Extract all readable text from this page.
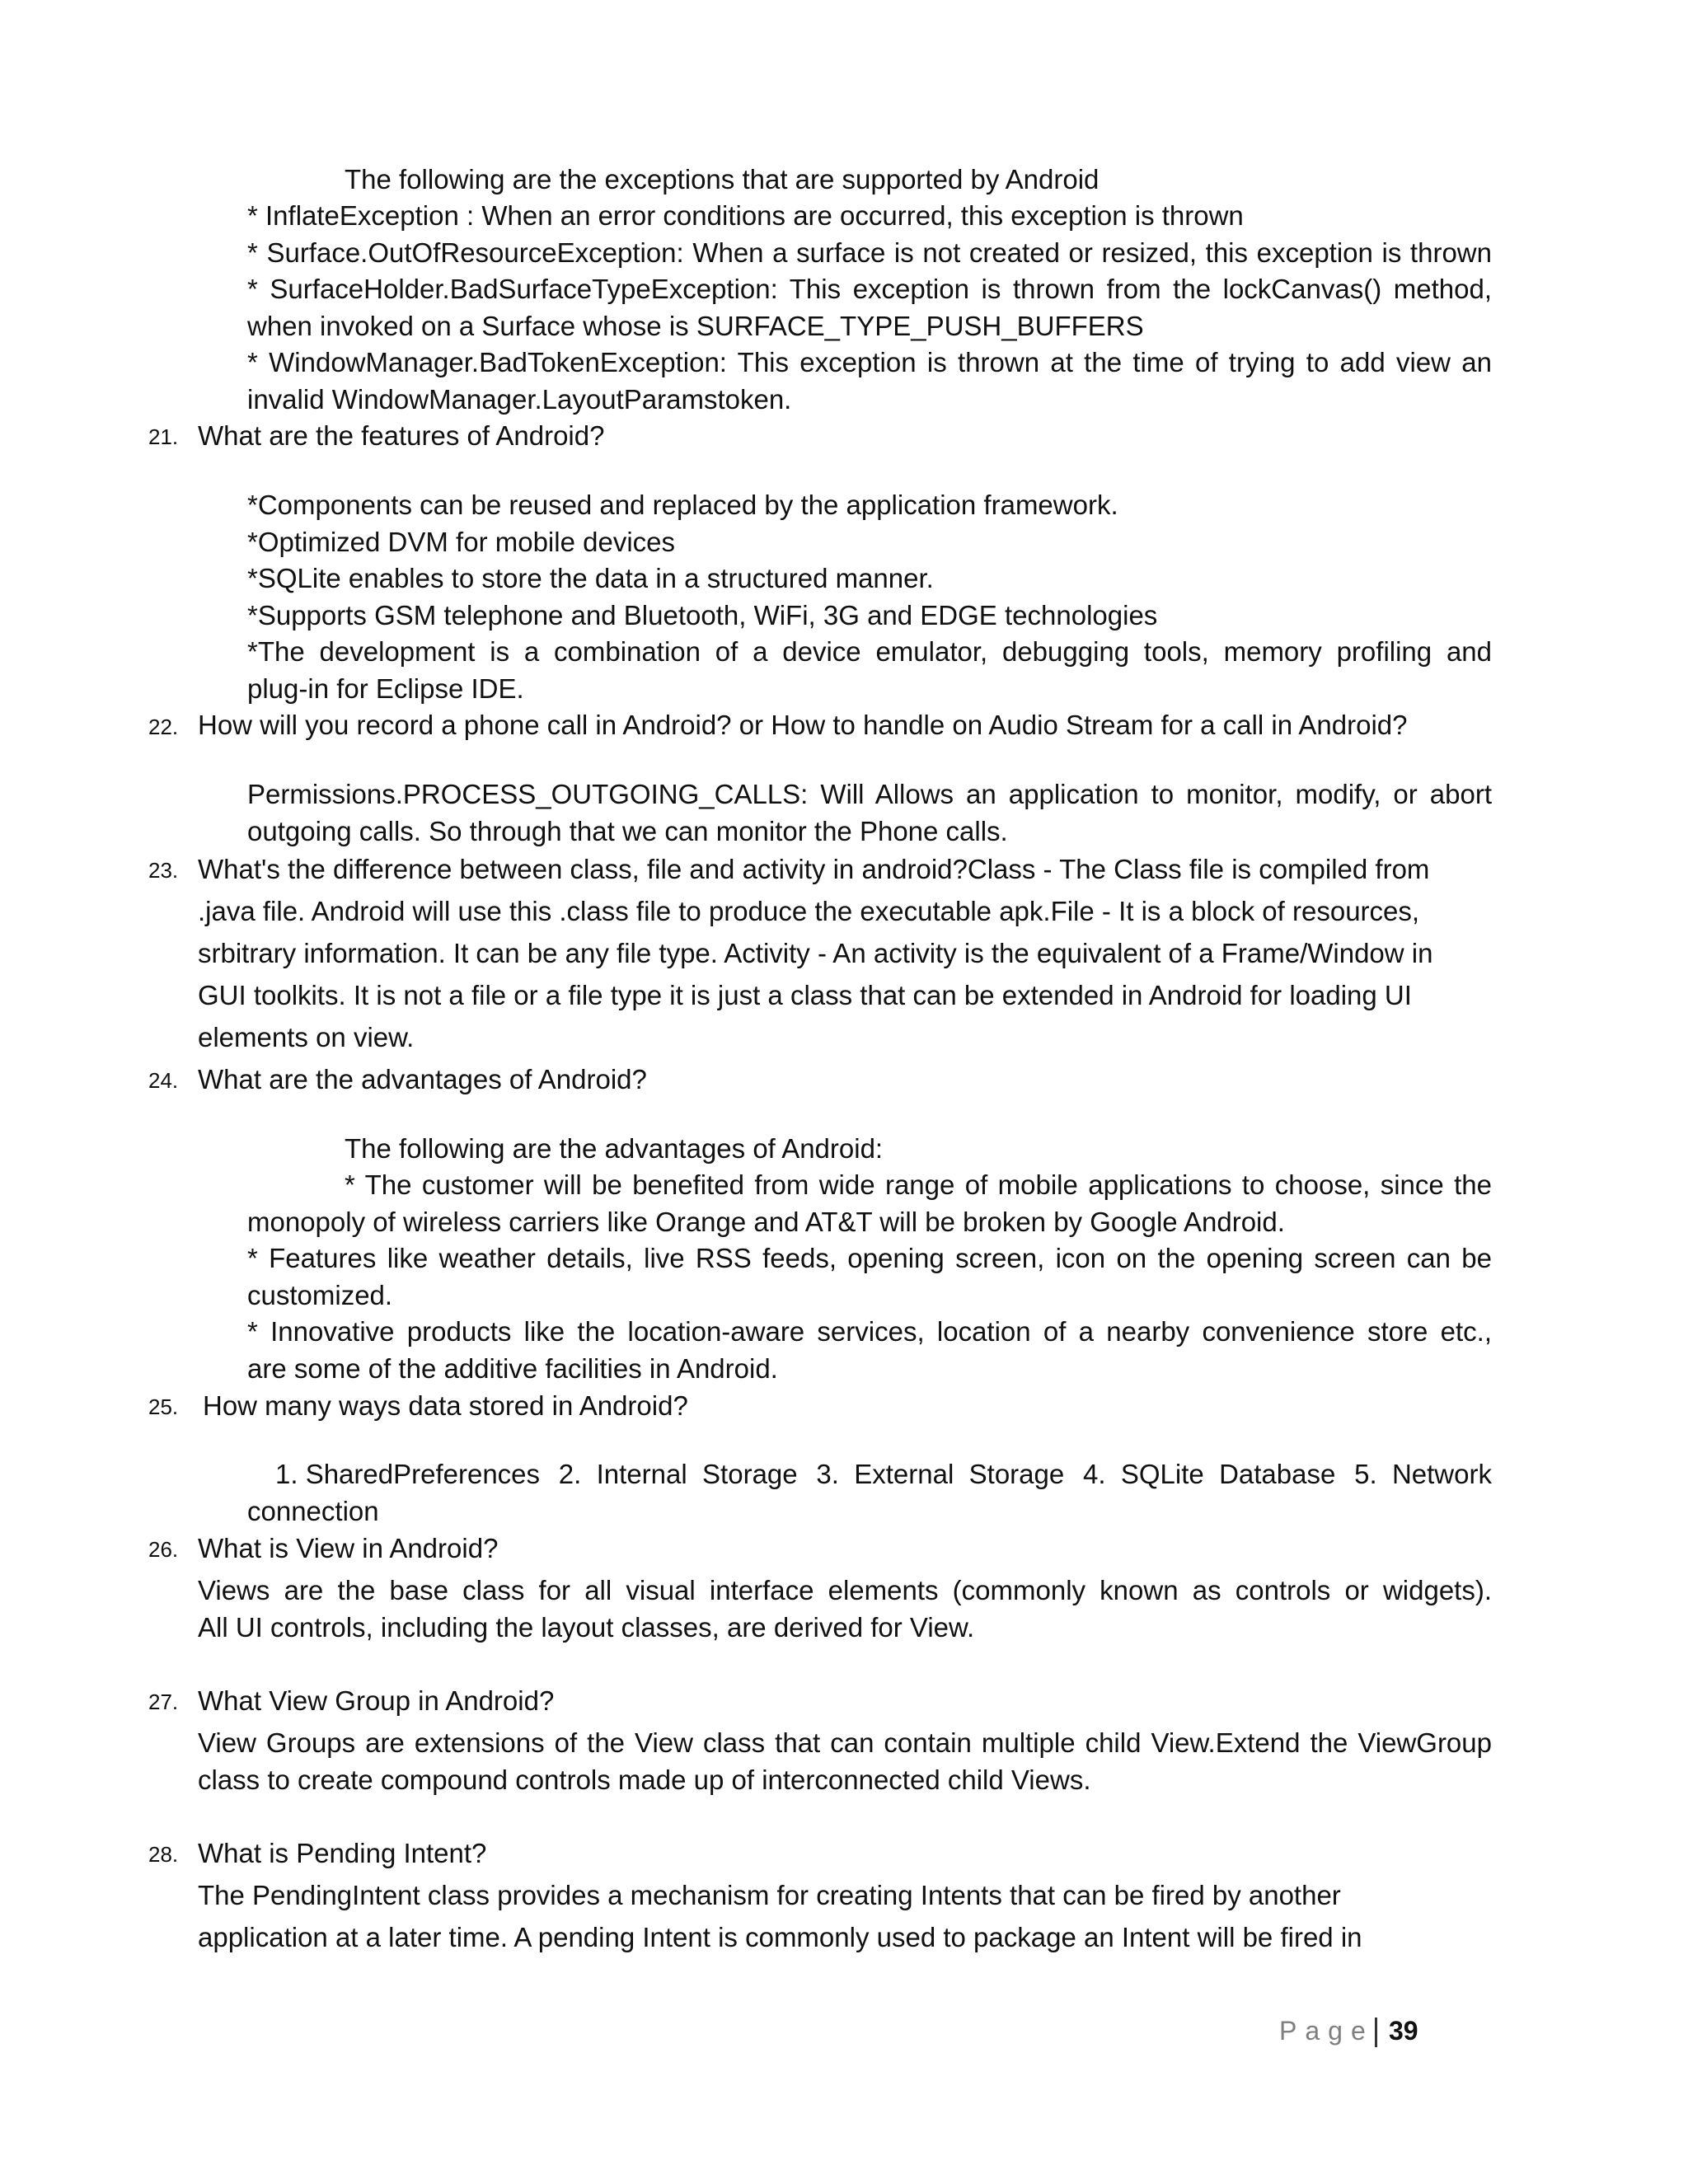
The following are the exceptions that are supported by Android
* InflateException : When an error conditions are occurred, this exception is thrown
* Surface.OutOfResourceException: When a surface is not created or resized, this exception is thrown
* SurfaceHolder.BadSurfaceTypeException: This exception is thrown from the lockCanvas() method,
when invoked on a Surface whose is SURFACE_TYPE_PUSH_BUFFERS
* WindowManager.BadTokenException: This exception is thrown at the time of trying to add view an
invalid WindowManager.LayoutParamstoken.
21. What are the features of Android?
*Components can be reused and replaced by the application framework.
*Optimized DVM for mobile devices
*SQLite enables to store the data in a structured manner.
*Supports GSM telephone and Bluetooth, WiFi, 3G and EDGE technologies
*The development is a combination of a device emulator, debugging tools, memory profiling and
plug-in for Eclipse IDE.
22. How will you record a phone call in Android? or How to handle on Audio Stream for a call in Android?
Permissions.PROCESS_OUTGOING_CALLS: Will Allows an application to monitor, modify, or abort
outgoing calls. So through that we can monitor the Phone calls.
23. What's the difference between class, file and activity in android?Class - The Class file is compiled from
.java file. Android will use this .class file to produce the executable apk.File - It is a block of resources,
srbitrary information. It can be any file type. Activity - An activity is the equivalent of a Frame/Window in
GUI toolkits. It is not a file or a file type it is just a class that can be extended in Android for loading UI
elements on view.
24. What are the advantages of Android?
The following are the advantages of Android:
* The customer will be benefited from wide range of mobile applications to choose, since the
monopoly of wireless carriers like Orange and AT&T will be broken by Google Android.
* Features like weather details, live RSS feeds, opening screen, icon on the opening screen can be
customized.
* Innovative products like the location-aware services, location of a nearby convenience store etc.,
are some of the additive facilities in Android.
25. How many ways data stored in Android?
1. SharedPreferences 2.  Internal  Storage 3.  External  Storage 4.  SQLite  Database 5.  Network
connection
26. What is View in Android?
Views are the base class for all visual interface elements (commonly known as controls or widgets).
All UI controls, including the layout classes, are derived for View.
27. What View Group in Android?
View Groups are extensions of the View class that can contain multiple child View.Extend the ViewGroup
class to create compound controls made up of interconnected child Views.
28. What is Pending Intent?
The PendingIntent class provides a mechanism for creating Intents that can be fired by another
application at a later time. A pending Intent is commonly used to package an Intent will be fired in
Page 39
